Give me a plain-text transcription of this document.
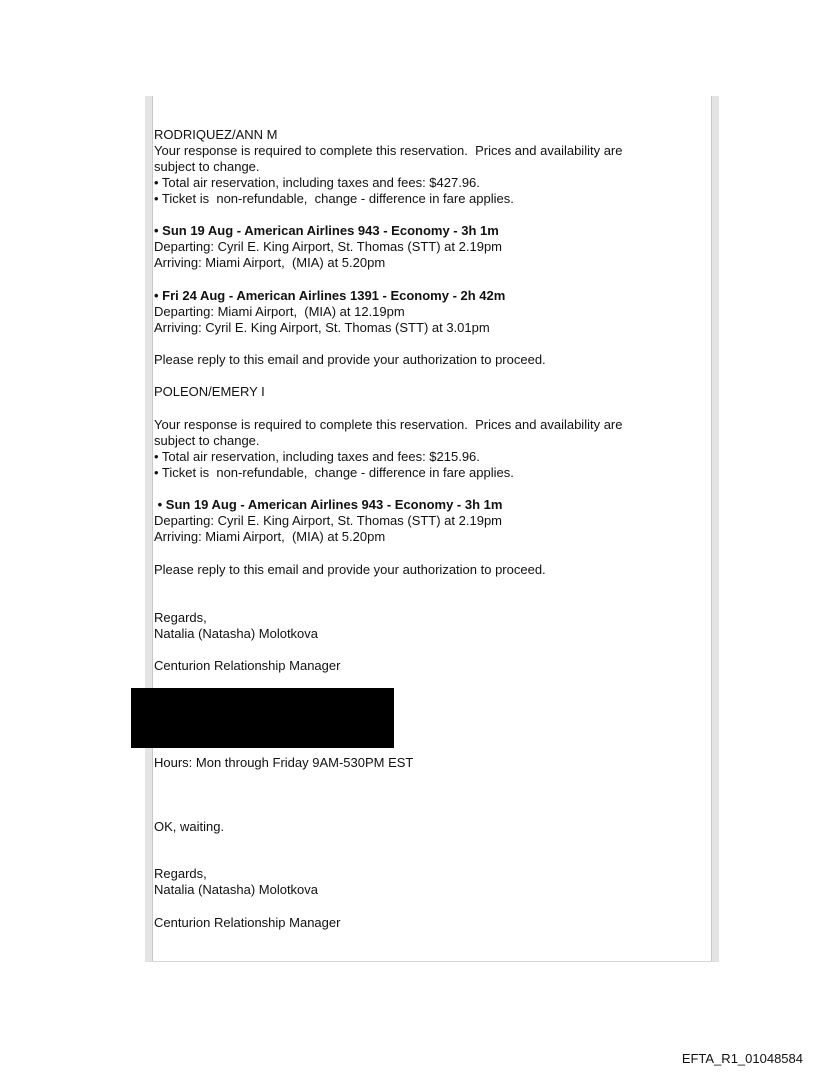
RODRIQUEZ/ANN M
Your response is required to complete this reservation.  Prices and availability are
subject to change.
• Total air reservation, including taxes and fees: $427.96.
• Ticket is  non-refundable,  change - difference in fare applies.
• Sun 19 Aug - American Airlines 943 - Economy - 3h 1m
Departing: Cyril E. King Airport, St. Thomas (STT) at 2.19pm
Arriving: Miami Airport,  (MIA) at 5.20pm
• Fri 24 Aug - American Airlines 1391 - Economy - 2h 42m
Departing: Miami Airport,  (MIA) at 12.19pm
Arriving: Cyril E. King Airport, St. Thomas (STT) at 3.01pm
Please reply to this email and provide your authorization to proceed.
POLEON/EMERY I
Your response is required to complete this reservation.  Prices and availability are
subject to change.
• Total air reservation, including taxes and fees: $215.96.
• Ticket is  non-refundable,  change - difference in fare applies.
• Sun 19 Aug - American Airlines 943 - Economy - 3h 1m
Departing: Cyril E. King Airport, St. Thomas (STT) at 2.19pm
Arriving: Miami Airport,  (MIA) at 5.20pm
Please reply to this email and provide your authorization to proceed.
Regards,
Natalia (Natasha) Molotkova
Centurion Relationship Manager
Hours: Mon through Friday 9AM-530PM EST
OK, waiting.
Regards,
Natalia (Natasha) Molotkova
Centurion Relationship Manager
EFTA_R1_01048584
